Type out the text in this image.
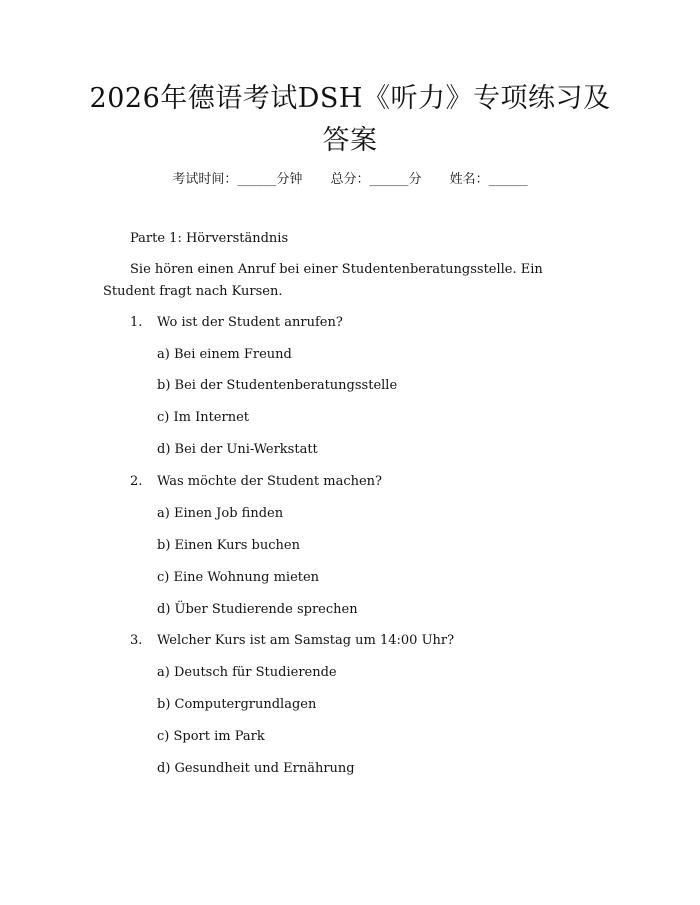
2026年德语考试DSH《听力》专项练习及答案
考试时间：______分钟 总分：______分 姓名：______
Parte 1: Hörverständnis
Sie hören einen Anruf bei einer Studentenberatungsstelle. Ein Student fragt nach Kursen.
1. Wo ist der Student anrufen?
a) Bei einem Freund
b) Bei der Studentenberatungsstelle
c) Im Internet
d) Bei der Uni-Werkstatt
2. Was möchte der Student machen?
a) Einen Job finden
b) Einen Kurs buchen
c) Eine Wohnung mieten
d) Über Studierende sprechen
3. Welcher Kurs ist am Samstag um 14:00 Uhr?
a) Deutsch für Studierende
b) Computergrundlagen
c) Sport im Park
d) Gesundheit und Ernährung
